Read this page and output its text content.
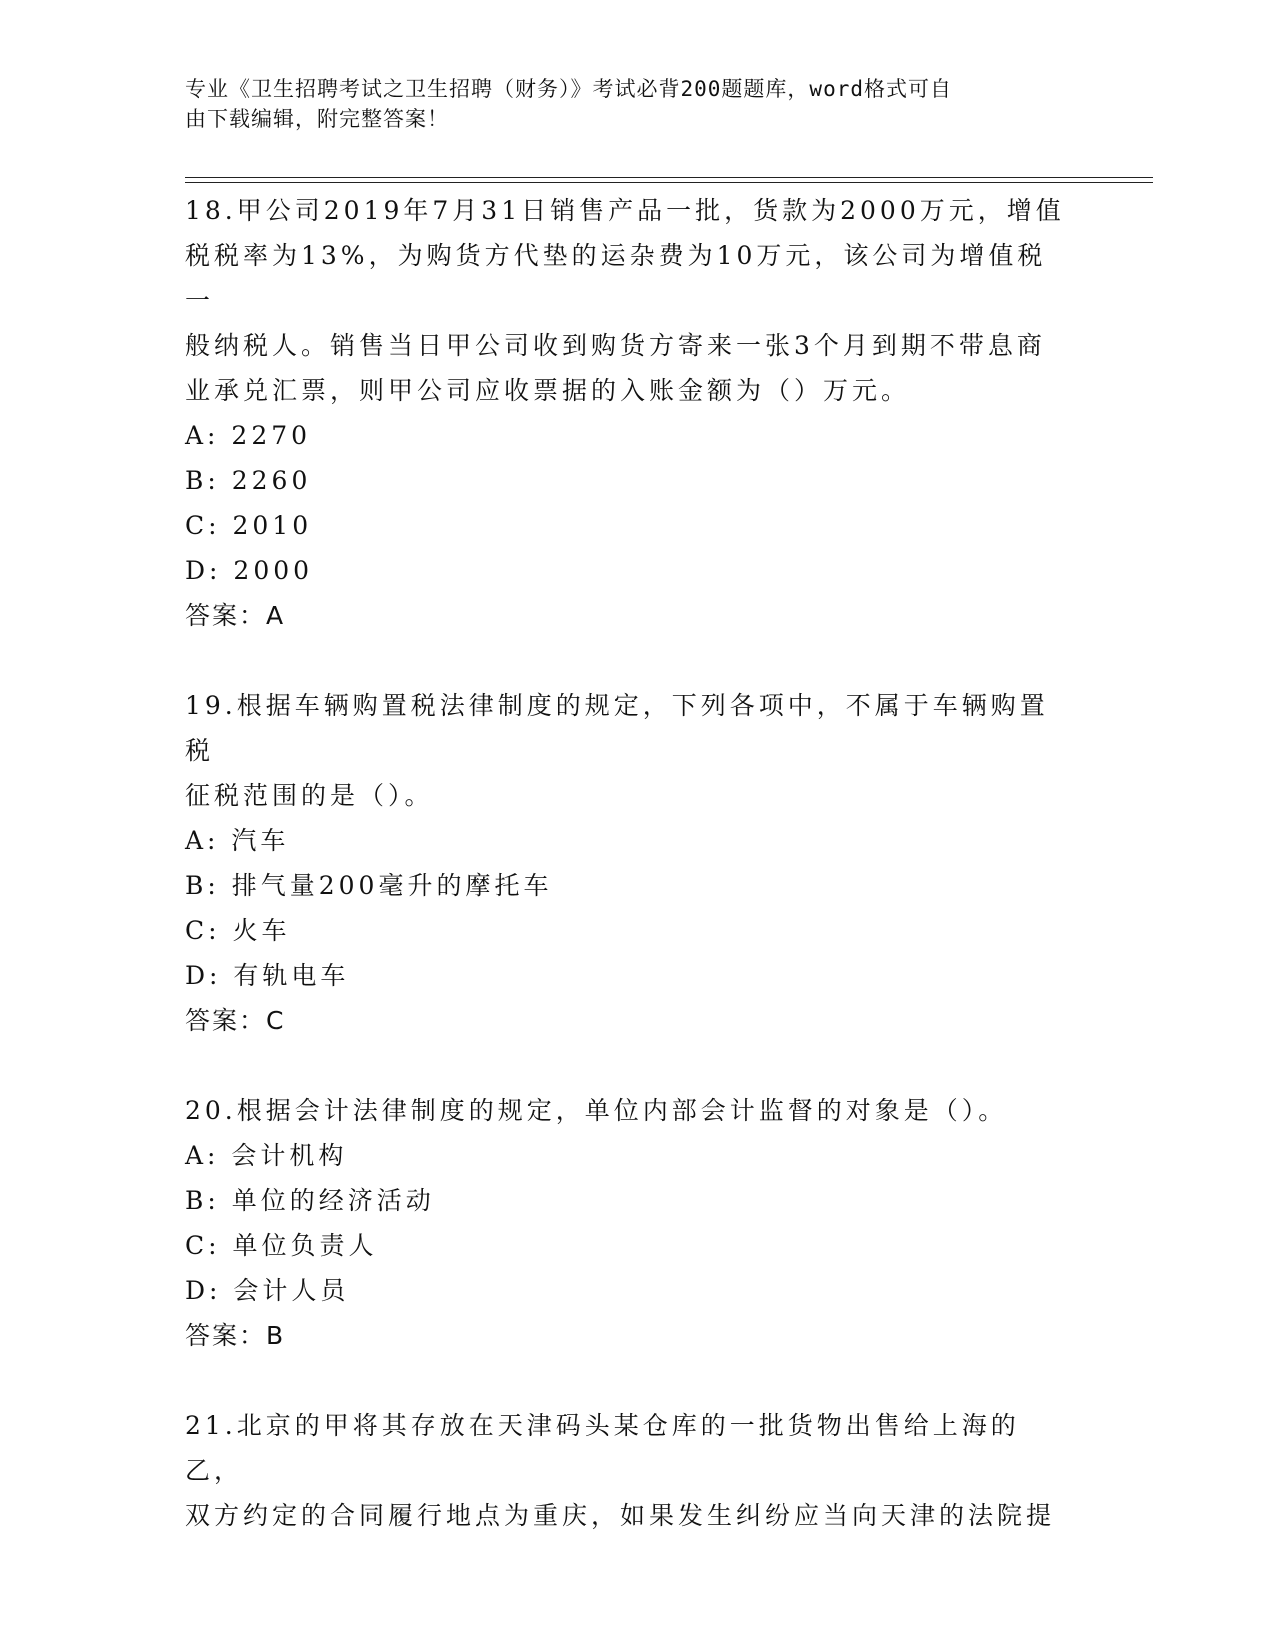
专业《卫生招聘考试之卫生招聘（财务）》考试必背200题题库，word格式可自
由下载编辑，附完整答案！
18.甲公司2019年7月31日销售产品一批，货款为2000万元，增值
税税率为13%，为购货方代垫的运杂费为10万元，该公司为增值税一
般纳税人。销售当日甲公司收到购货方寄来一张3个月到期不带息商
业承兑汇票，则甲公司应收票据的入账金额为（）万元。
A: 2270
B: 2260
C: 2010
D: 2000
答案：A
19.根据车辆购置税法律制度的规定，下列各项中，不属于车辆购置税
征税范围的是（）。
A: 汽车
B: 排气量200毫升的摩托车
C: 火车
D: 有轨电车
答案：C
20.根据会计法律制度的规定，单位内部会计监督的对象是（）。
A: 会计机构
B: 单位的经济活动
C: 单位负责人
D: 会计人员
答案：B
21.北京的甲将其存放在天津码头某仓库的一批货物出售给上海的乙，
双方约定的合同履行地点为重庆，如果发生纠纷应当向天津的法院提
